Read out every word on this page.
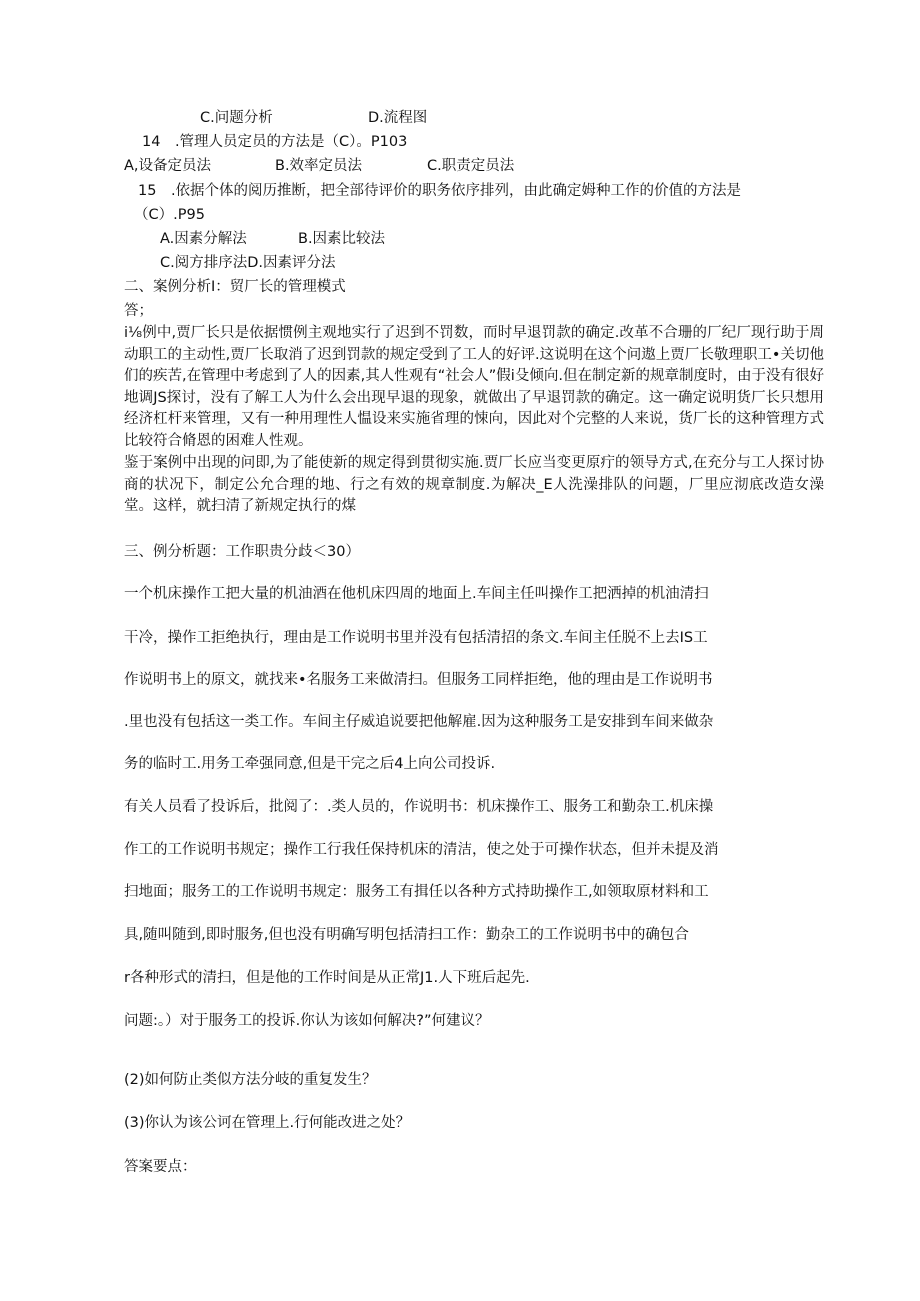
C.问题分析	D.流程图
14　.管理人员定员的方法是（C）。P103
A,设备定员法	B.效率定员法	C.职责定员法
15　.依据个体的阅历推断，把全部待评价的职务依序排列，由此确定姆种工作的价值的方法是
（C）.P95
A.因素分解法	B.因素比较法
C.阅方排序法D.因素评分法
二、案例分析I：贸厂长的管理模式
答；
i⅛例中,贾厂长只是依据惯例主观地实行了迟到不罚数，而时早退罚款的确定.改革不合珊的厂纪厂现行助于周动职工的主动性,贾厂长取消了迟到罚款的规定受到了工人的好评.这说明在这个问遨上贾厂长敬理职工•关切他们的疾苦,在管理中考虑到了人的因素,其人性观有“社会人”假i殳倾向.但在制定新的规章制度时，由于没有很好地调JS探讨，没有了解工人为什么会出现早退的现象，就做出了早退罚款的确定。这一确定说明货厂长只想用经济杠杆来管理，又有一种用理性人愠设来实施省理的悚向，因此对个完整的人来说，货厂长的这种管理方式比较符合脩恩的困难人性观。
鉴于案例中出现的问即,为了能使新的规定得到贯彻实施.贾厂长应当变更原疔的领导方式,在充分与工人探讨协商的状况下，制定公允合理的地、行之有效的规章制度.为解决_E人洗澡排队的问题，厂里应沏底改造女澡堂。这样，就扫清了新规定执行的煤
三、例分析题：工作职贵分歧＜30）
一个机床操作工把大量的机油酒在他机床四周的地面上.车间主任叫操作工把洒掉的机油清扫
干冷，操作工拒绝执行，理由是工作说明书里并没有包括清招的条文.车间主任脱不上去IS工
作说明书上的原文，就找来•名服务工来做清扫。但服务工同样拒绝，他的理由是工作说明书
.里也没有包括这一类工作。车间主仔威追说要把他解雇.因为这种服务工是安排到车间来做杂
务的临时工.用务工牵强同意,但是干完之后4上向公司投诉.
有关人员看了投诉后，批阅了：.类人员的，作说明书：机床操作工、服务工和勤杂工.机床操
作工的工作说明书规定；操作工行我任保持机床的清洁，使之处于可操作状态，但并未提及消
扫地面；服务工的工作说明书规定：服务工有揖任以各种方式持助操作工,如领取原材料和工
具,随叫随到,即时服务,但也没有明确写明包括清扫工作：勤杂工的工作说明书中的确包合
r各种形式的清扫，但是他的工作时间是从正常J1.人下班后起先.
问题:。）对于服务工的投诉.你认为该如何解决?”何建议？
(2)如何防止类似方法分岐的重复发生？
(3)你认为该公诃在管理上.行何能改进之处？
答案要点：
